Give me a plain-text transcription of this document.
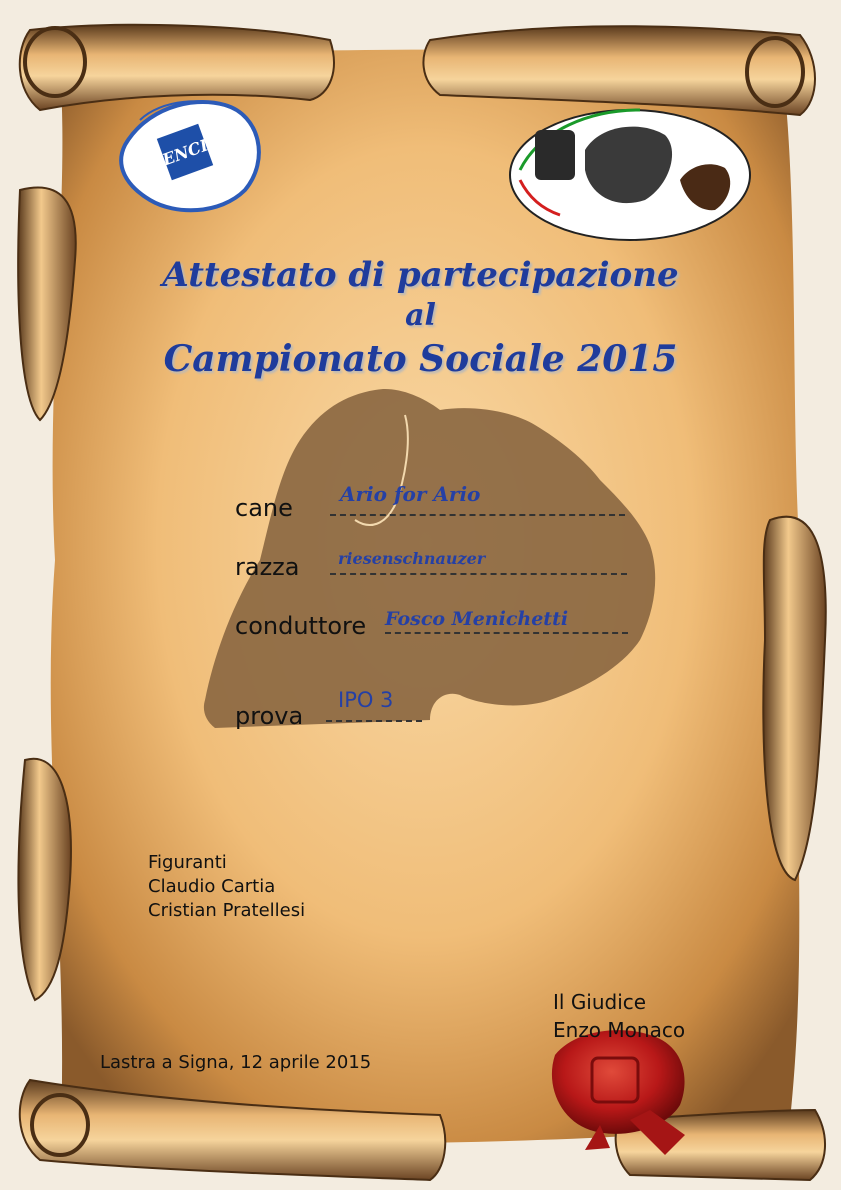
ENCI
Attestato di partecipazione
al
Campionato Sociale 2015
cane Ario for Ario
razza riesenschnauzer
conduttore Fosco Menichetti
prova
IPO 3
Figuranti
Claudio Cartia
Cristian Pratellesi
Lastra a Signa, 12 aprile 2015
Il Giudice
Enzo Monaco
